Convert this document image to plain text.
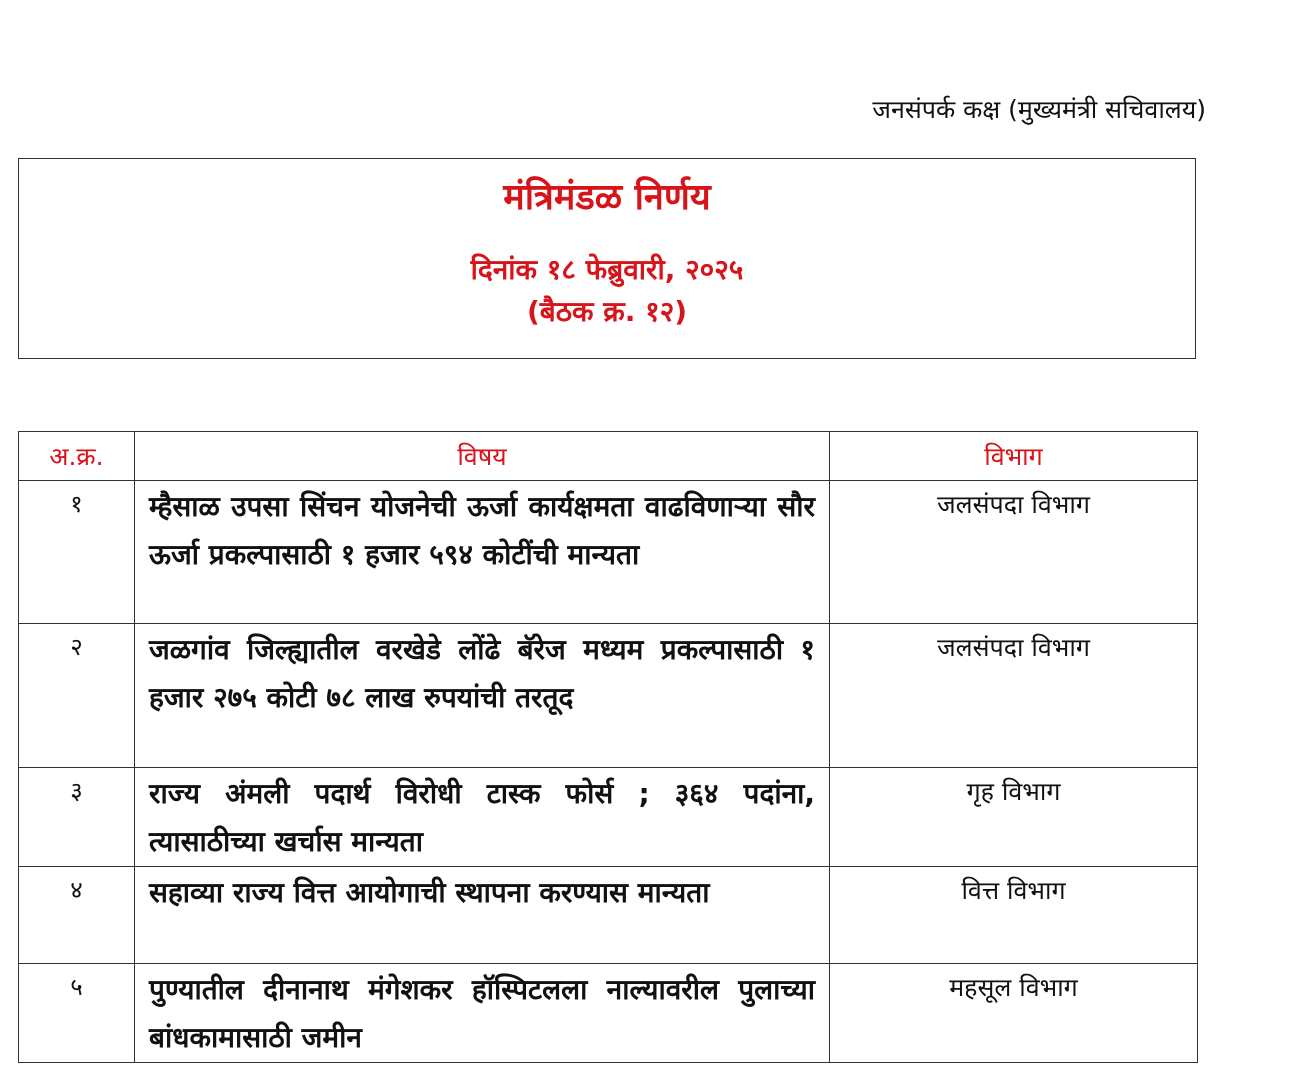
जनसंपर्क कक्ष (मुख्यमंत्री सचिवालय)
मंत्रिमंडळ निर्णय
दिनांक १८ फेब्रुवारी, २०२५
(बैठक क्र. १२)
अ.क्र.	विषय	विभाग
१	म्हैसाळ उपसा सिंचन योजनेची ऊर्जा कार्यक्षमता वाढविणाऱ्या सौर ऊर्जा प्रकल्पासाठी १ हजार ५९४ कोटींची मान्यता	जलसंपदा विभाग
२	जळगांव जिल्ह्यातील वरखेडे लोंढे बॅरेज मध्यम प्रकल्पासाठी १ हजार २७५ कोटी ७८ लाख रुपयांची तरतूद	जलसंपदा विभाग
३	राज्य अंमली पदार्थ विरोधी टास्क फोर्स ; ३६४ पदांना, त्यासाठीच्या खर्चास मान्यता	गृह विभाग
४	सहाव्या राज्य वित्त आयोगाची स्थापना करण्यास मान्यता	वित्त विभाग
५	पुण्यातील दीनानाथ मंगेशकर हॉस्पिटलला नाल्यावरील पुलाच्या बांधकामासाठी जमीन	महसूल विभाग
